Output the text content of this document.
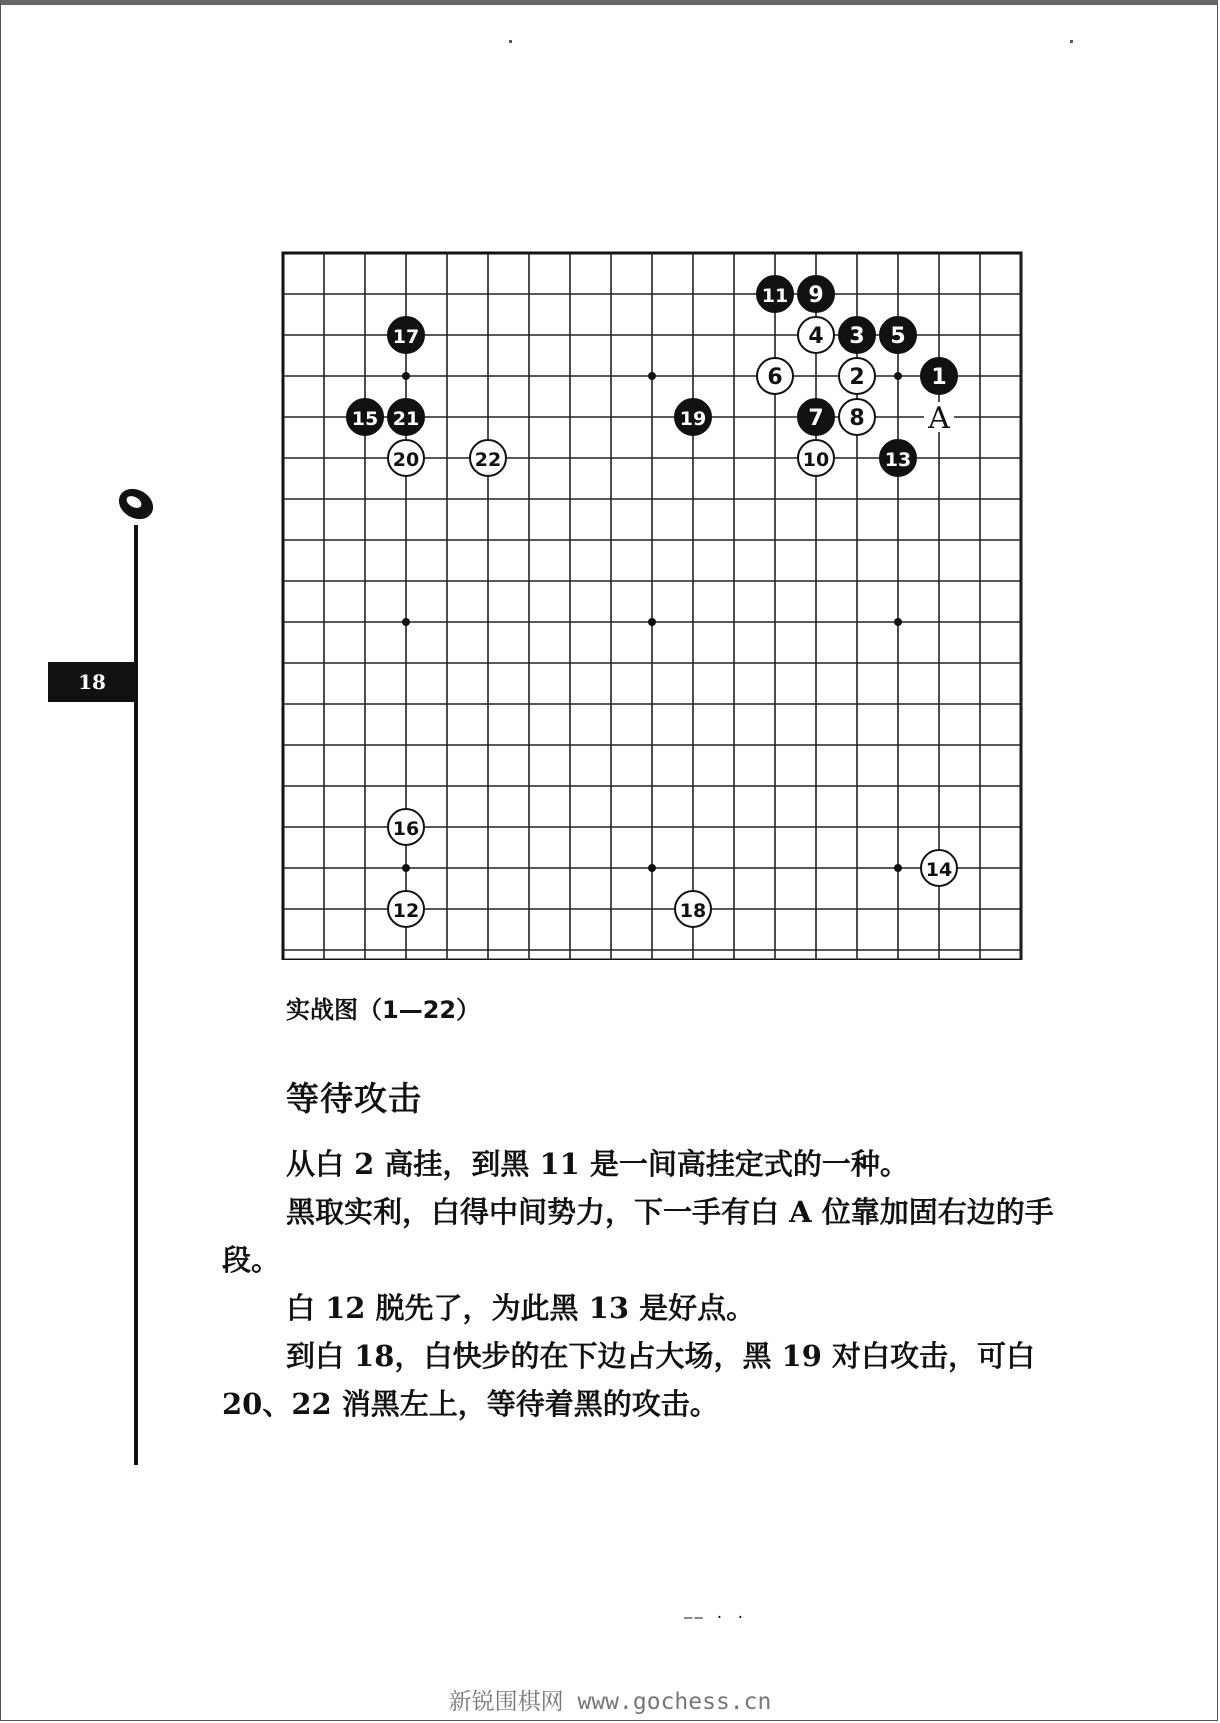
18
1
2
3
4	5
6
7 8
9
10
11
12
13
14
15
16
17
18
19
20
21
22
A
实战图（1—22）
等待攻击

从白 2 高挂，到黑 11 是一间高挂定式的一种。

黑取实利，白得中间势力，下一手有白 A 位靠加固右边的手段。

白 12 脱先了，为此黑 13 是好点。

到白 18，白快步的在下边占大场，黑 19 对白攻击，可白 20、22 消黑左上，等待着黑的攻击。

—— · ·
新锐围棋网 www.gochess.cn
